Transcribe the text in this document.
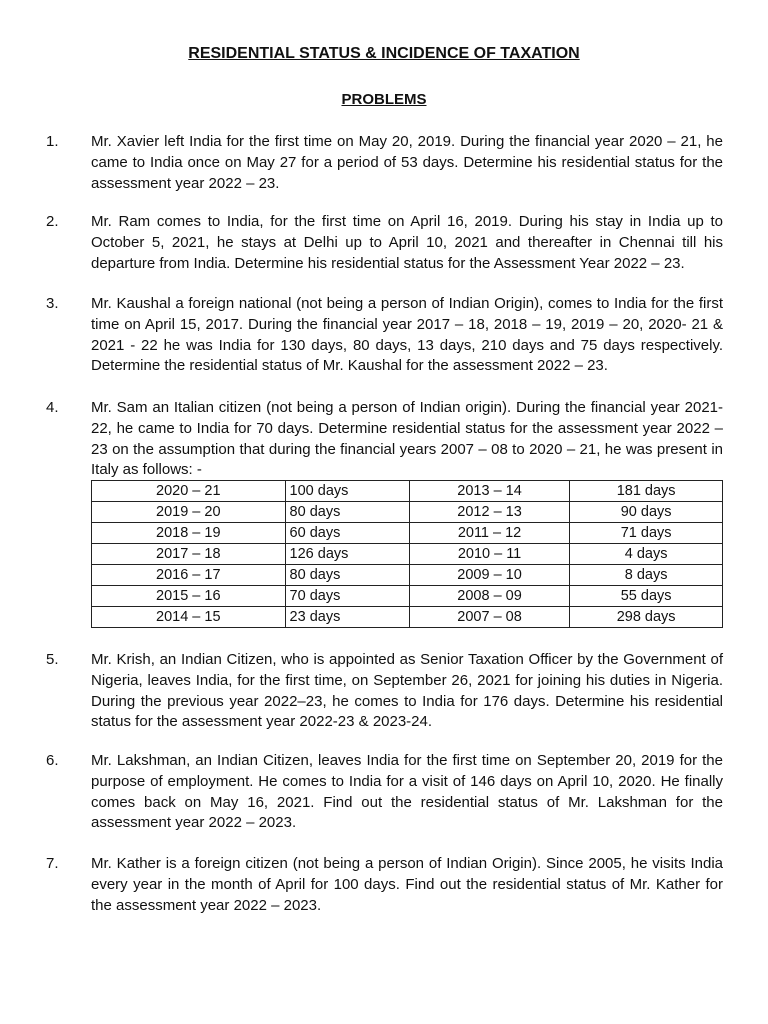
RESIDENTIAL STATUS & INCIDENCE OF TAXATION
PROBLEMS
1. Mr. Xavier left India for the first time on May 20, 2019. During the financial year 2020 – 21, he came to India once on May 27 for a period of 53 days. Determine his residential status for the assessment year 2022 – 23.
2. Mr. Ram comes to India, for the first time on April 16, 2019. During his stay in India up to October 5, 2021, he stays at Delhi up to April 10, 2021 and thereafter in Chennai till his departure from India. Determine his residential status for the Assessment Year 2022 – 23.
3. Mr. Kaushal a foreign national (not being a person of Indian Origin), comes to India for the first time on April 15, 2017. During the financial year 2017 – 18, 2018 – 19, 2019 – 20, 2020- 21 & 2021 - 22 he was India for 130 days, 80 days, 13 days, 210 days and 75 days respectively. Determine the residential status of Mr. Kaushal for the assessment 2022 – 23.
4. Mr. Sam an Italian citizen (not being a person of Indian origin). During the financial year 2021-22, he came to India for 70 days. Determine residential status for the assessment year 2022 – 23 on the assumption that during the financial years 2007 – 08 to 2020 – 21, he was present in Italy as follows: -
2020 – 21	100 days	2013 – 14	181 days
2019 – 20	80 days	2012 – 13	90 days
2018 – 19	60 days	2011 – 12	71 days
2017 – 18	126 days	2010 – 11	4 days
2016 – 17	80 days	2009 – 10	8 days
2015 – 16	70 days	2008 – 09	55 days
2014 – 15	23 days	2007 – 08	298 days
5. Mr. Krish, an Indian Citizen, who is appointed as Senior Taxation Officer by the Government of Nigeria, leaves India, for the first time, on September 26, 2021 for joining his duties in Nigeria. During the previous year 2022–23, he comes to India for 176 days. Determine his residential status for the assessment year 2022-23 & 2023-24.
6. Mr. Lakshman, an Indian Citizen, leaves India for the first time on September 20, 2019 for the purpose of employment. He comes to India for a visit of 146 days on April 10, 2020. He finally comes back on May 16, 2021. Find out the residential status of Mr. Lakshman for the assessment year 2022 – 2023.
7. Mr. Kather is a foreign citizen (not being a person of Indian Origin). Since 2005, he visits India every year in the month of April for 100 days. Find out the residential status of Mr. Kather for the assessment year 2022 – 2023.
